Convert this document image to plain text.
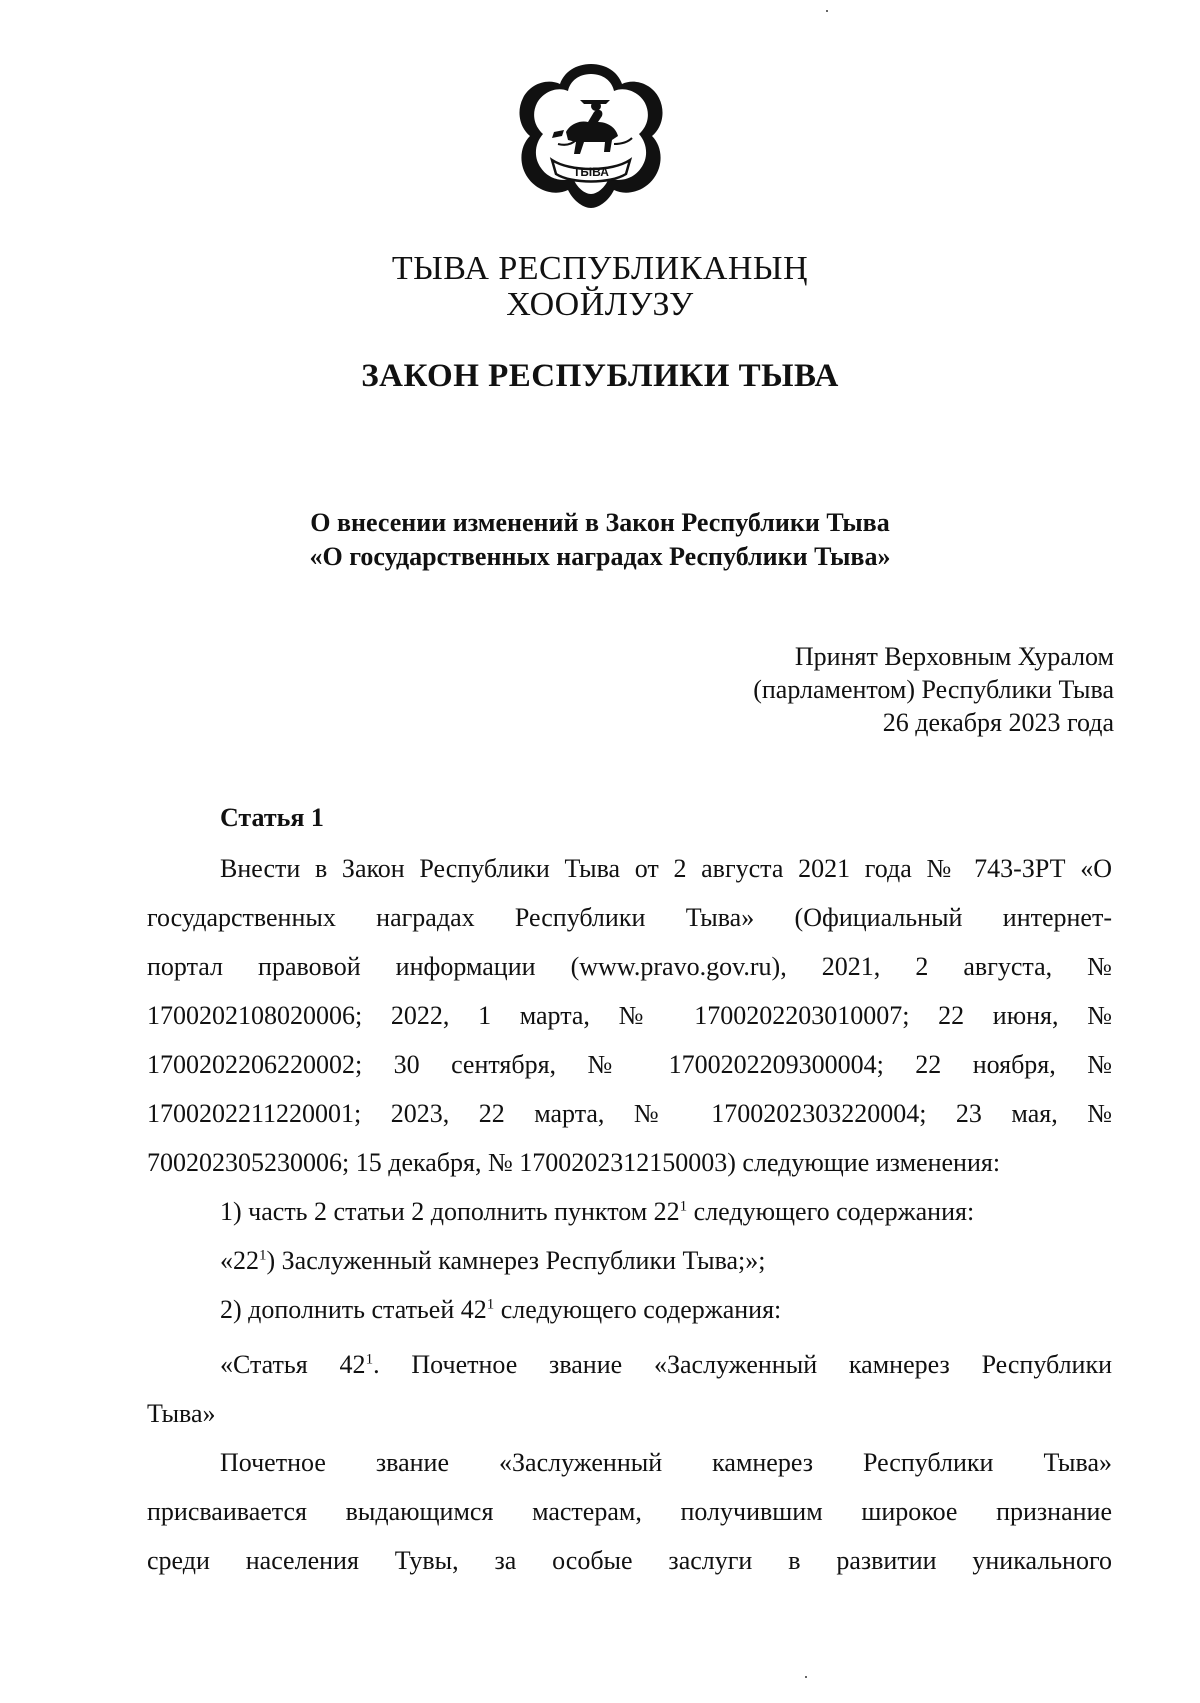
ТЫВА
ТЫВА РЕСПУБЛИКАНЫҢ
ХООЙЛУЗУ
ЗАКОН РЕСПУБЛИКИ ТЫВА
О внесении изменений в Закон Республики Тыва
«О государственных наградах Республики Тыва»
Принят Верховным Хуралом
(парламентом) Республики Тыва
26 декабря 2023 года
Статья 1
Внести в Закон Республики Тыва от 2 августа 2021 года № 743-ЗРТ «О
государственных наградах Республики Тыва» (Официальный интернет-
портал правовой информации (www.pravo.gov.ru), 2021, 2 августа, №
1700202108020006; 2022, 1 марта, № 1700202203010007; 22 июня, №
1700202206220002; 30 сентября, № 1700202209300004; 22 ноября, №
1700202211220001; 2023, 22 марта, № 1700202303220004; 23 мая, №
700202305230006; 15 декабря, № 1700202312150003) следующие изменения:
1) часть 2 статьи 2 дополнить пунктом $22^1$ следующего содержания:
«$22^1$) Заслуженный камнерез Республики Тыва;»;
2) дополнить статьей $42^1$ следующего содержания:
«Статья $42^1$. Почетное звание «Заслуженный камнерез Республики
Тыва»
Почетное звание «Заслуженный камнерез Республики Тыва»
присваивается выдающимся мастерам, получившим широкое признание
среди населения Тувы, за особые заслуги в развитии уникального
